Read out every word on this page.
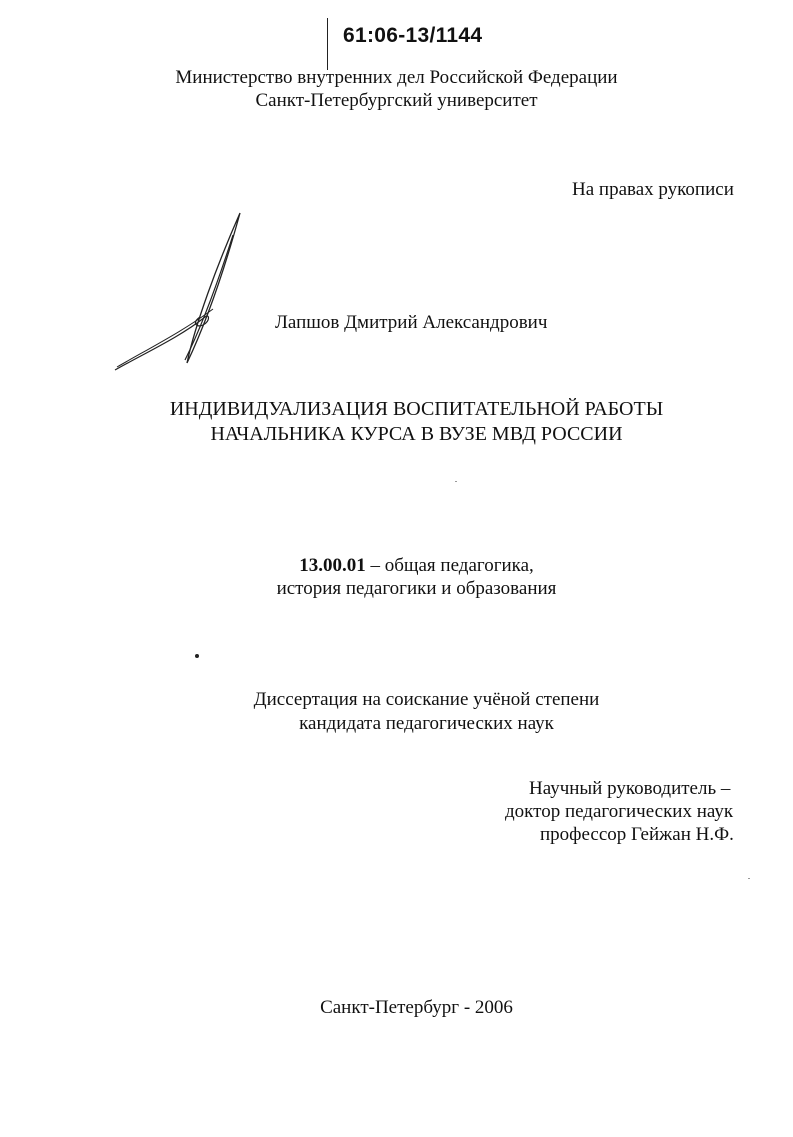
61:06-13/1144
Министерство внутренних дел Российской Федерации
Санкт-Петербургский университет
На правах рукописи
Лапшов Дмитрий Александрович
ИНДИВИДУАЛИЗАЦИЯ ВОСПИТАТЕЛЬНОЙ РАБОТЫ
НАЧАЛЬНИКА КУРСА В ВУЗЕ МВД РОССИИ
13.00.01 – общая педагогика,
история педагогики и образования
Диссертация на соискание учёной степени
кандидата педагогических наук
Научный руководитель –
доктор педагогических наук
профессор Гейжан Н.Ф.
Санкт-Петербург - 2006
